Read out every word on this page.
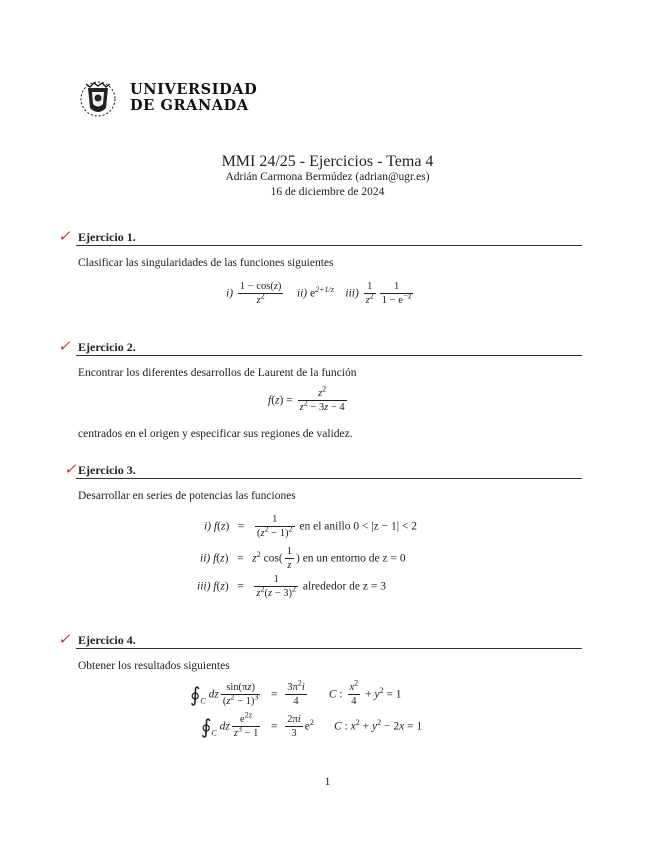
UNIVERSIDAD
DE GRANADA
MMI 24/25 - Ejercicios - Tema 4
Adrián Carmona Bermúdez (adrian@ugr.es)
16 de diciembre de 2024
✓ Ejercicio 1.
Clasificar las singularidades de las funciones siguientes
$i) \frac{1 - \cos(z)}{z^2} ii$) $e^{2+1/z}$    $iii) \frac{1}{z^2} \frac{1}{1 - e^{-z}}$
✓ Ejercicio 2.
Encontrar los diferentes desarrollos de Laurent de la función
$f(z) = \frac{z^2}{z^2 - 3z - 4}$
centrados en el origen y especificar sus regiones de validez.
✓ Ejercicio 3.
Desarrollar en series de potencias las funciones
i) $f(z) = \frac{1}{(z^2 - 1)^2}$ en el anillo 0 < |z − 1| < 2
ii) $f(z) = z^2$ $\cos( \frac{1}{z}$ ) en un entorno de z = 0
iii) $f(z) = \frac{1}{z^2(z - 3)^2}$ alrededor de z = 3
✓ Ejercicio 4.
Obtener los resultados siguientes
$∮_C$ dz $\frac{\sin(\pi z)}{(z^2 - 1)^3} = \frac{3\pi^2i}{4}$ C : $\frac{x^2}{4} + y^2 = 1$
$∮_C$ dz $\frac{e^{2z}}{z^3 - 1} = \frac{2\pi i}{3} e^2$       C : $x^2 + y^2 - 2x = 1$
1
